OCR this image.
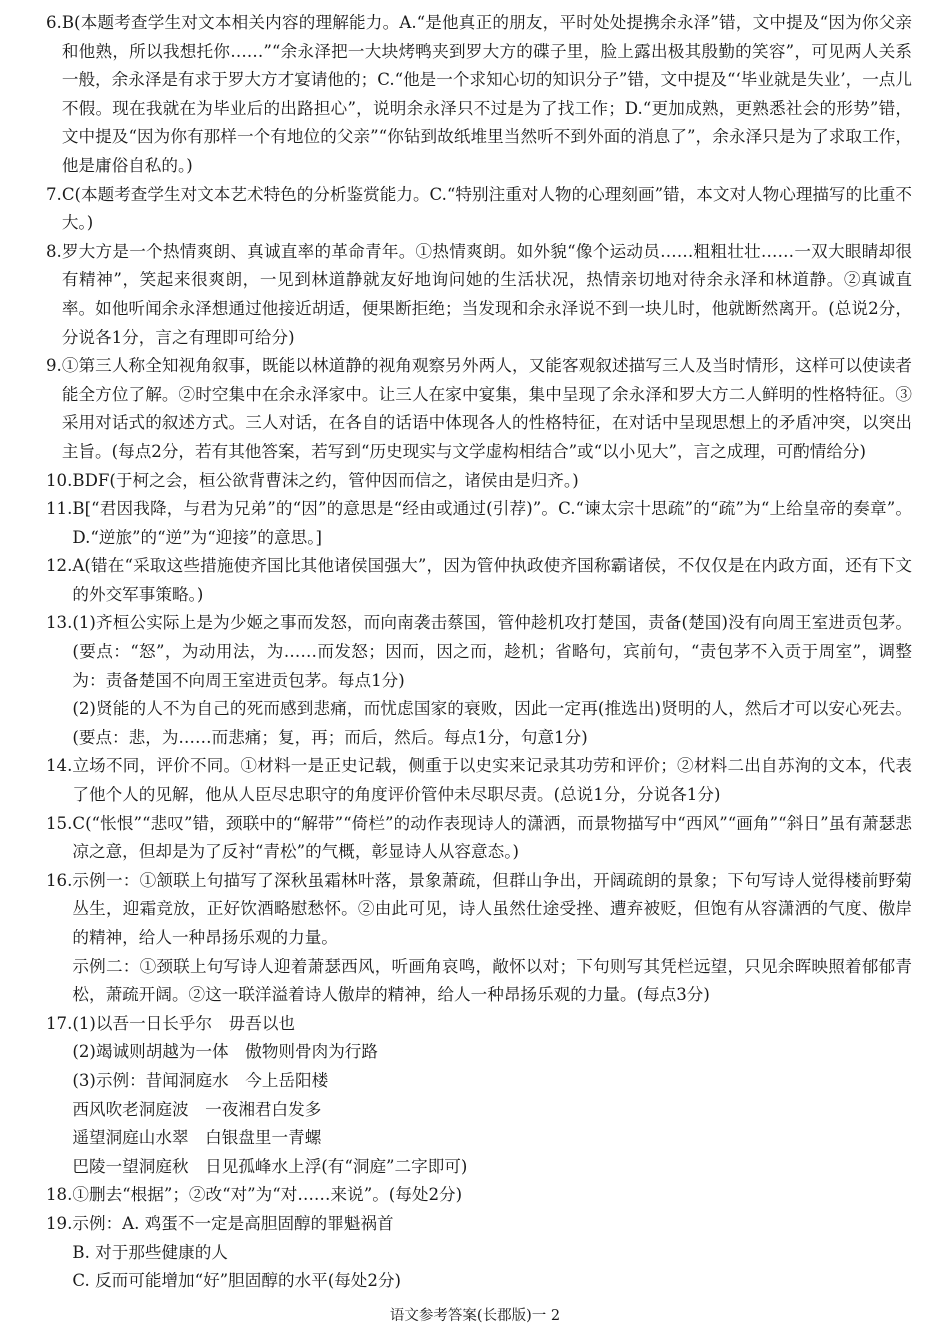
6. B(本题考查学生对文本相关内容的理解能力。A.“是他真正的朋友，平时处处提携余永泽”错，文中提及“因为你父亲和他熟，所以我想托你……”“余永泽把一大块烤鸭夹到罗大方的碟子里，脸上露出极其殷勤的笑容”，可见两人关系一般，余永泽是有求于罗大方才宴请他的；C.“他是一个求知心切的知识分子”错，文中提及“‘毕业就是失业’，一点儿不假。现在我就在为毕业后的出路担心”，说明余永泽只不过是为了找工作；D.“更加成熟，更熟悉社会的形势”错，文中提及“因为你有那样一个有地位的父亲”“你钻到故纸堆里当然听不到外面的消息了”，余永泽只是为了求取工作，他是庸俗自私的。)
7. C(本题考查学生对文本艺术特色的分析鉴赏能力。C.“特别注重对人物的心理刻画”错，本文对人物心理描写的比重不大。)
8. 罗大方是一个热情爽朗、真诚直率的革命青年。①热情爽朗。如外貌“像个运动员……粗粗壮壮……一双大眼睛却很有精神”，笑起来很爽朗，一见到林道静就友好地询问她的生活状况，热情亲切地对待余永泽和林道静。②真诚直率。如他听闻余永泽想通过他接近胡适，便果断拒绝；当发现和余永泽说不到一块儿时，他就断然离开。(总说2分，分说各1分，言之有理即可给分)
9. ①第三人称全知视角叙事，既能以林道静的视角观察另外两人，又能客观叙述描写三人及当时情形，这样可以使读者能全方位了解。②时空集中在余永泽家中。让三人在家中宴集，集中呈现了余永泽和罗大方二人鲜明的性格特征。③采用对话式的叙述方式。三人对话，在各自的话语中体现各人的性格特征，在对话中呈现思想上的矛盾冲突，以突出主旨。(每点2分，若有其他答案，若写到“历史现实与文学虚构相结合”或“以小见大”，言之成理，可酌情给分)
10. BDF(于柯之会，桓公欲背曹沫之约，管仲因而信之，诸侯由是归齐。)
11. B[“君因我降，与君为兄弟”的“因”的意思是“经由或通过(引荐)”。C.“谏太宗十思疏”的“疏”为“上给皇帝的奏章”。D.“逆旅”的“逆”为“迎接”的意思。]
12. A(错在“采取这些措施使齐国比其他诸侯国强大”，因为管仲执政使齐国称霸诸侯，不仅仅是在内政方面，还有下文的外交军事策略。)
13. (1)齐桓公实际上是为少姬之事而发怒，而向南袭击蔡国，管仲趁机攻打楚国，责备(楚国)没有向周王室进贡包茅。(要点：“怒”，为动用法，为……而发怒；因而，因之而，趁机；省略句，宾前句，“责包茅不入贡于周室”，调整为：责备楚国不向周王室进贡包茅。每点1分)
(2)贤能的人不为自己的死而感到悲痛，而忧虑国家的衰败，因此一定再(推选出)贤明的人，然后才可以安心死去。(要点：悲，为……而悲痛；复，再；而后，然后。每点1分，句意1分)
14. 立场不同，评价不同。①材料一是正史记载，侧重于以史实来记录其功劳和评价；②材料二出自苏洵的文本，代表了他个人的见解，他从人臣尽忠职守的角度评价管仲未尽职尽责。(总说1分，分说各1分)
15. C(“怅恨”“悲叹”错，颈联中的“解带”“倚栏”的动作表现诗人的潇洒，而景物描写中“西风”“画角”“斜日”虽有萧瑟悲凉之意，但却是为了反衬“青松”的气概，彰显诗人从容意态。)
16. 示例一：①颔联上句描写了深秋虽霜林叶落，景象萧疏，但群山争出，开阔疏朗的景象；下句写诗人觉得楼前野菊丛生，迎霜竞放，正好饮酒略慰愁怀。②由此可见，诗人虽然仕途受挫、遭弃被贬，但饱有从容潇洒的气度、傲岸的精神，给人一种昂扬乐观的力量。
示例二：①颈联上句写诗人迎着萧瑟西风，听画角哀鸣，敞怀以对；下句则写其凭栏远望，只见余晖映照着郁郁青松，萧疏开阔。②这一联洋溢着诗人傲岸的精神，给人一种昂扬乐观的力量。(每点3分)
17. (1)以吾一日长乎尔　毋吾以也
(2)竭诚则胡越为一体　傲物则骨肉为行路
(3)示例：昔闻洞庭水　今上岳阳楼
西风吹老洞庭波　一夜湘君白发多
遥望洞庭山水翠　白银盘里一青螺
巴陵一望洞庭秋　日见孤峰水上浮(有“洞庭”二字即可)
18. ①删去“根据”；②改“对”为“对……来说”。(每处2分)
19. 示例：A. 鸡蛋不一定是高胆固醇的罪魁祸首
B. 对于那些健康的人
C. 反而可能增加“好”胆固醇的水平(每处2分)
语文参考答案(长郡版)一 2
